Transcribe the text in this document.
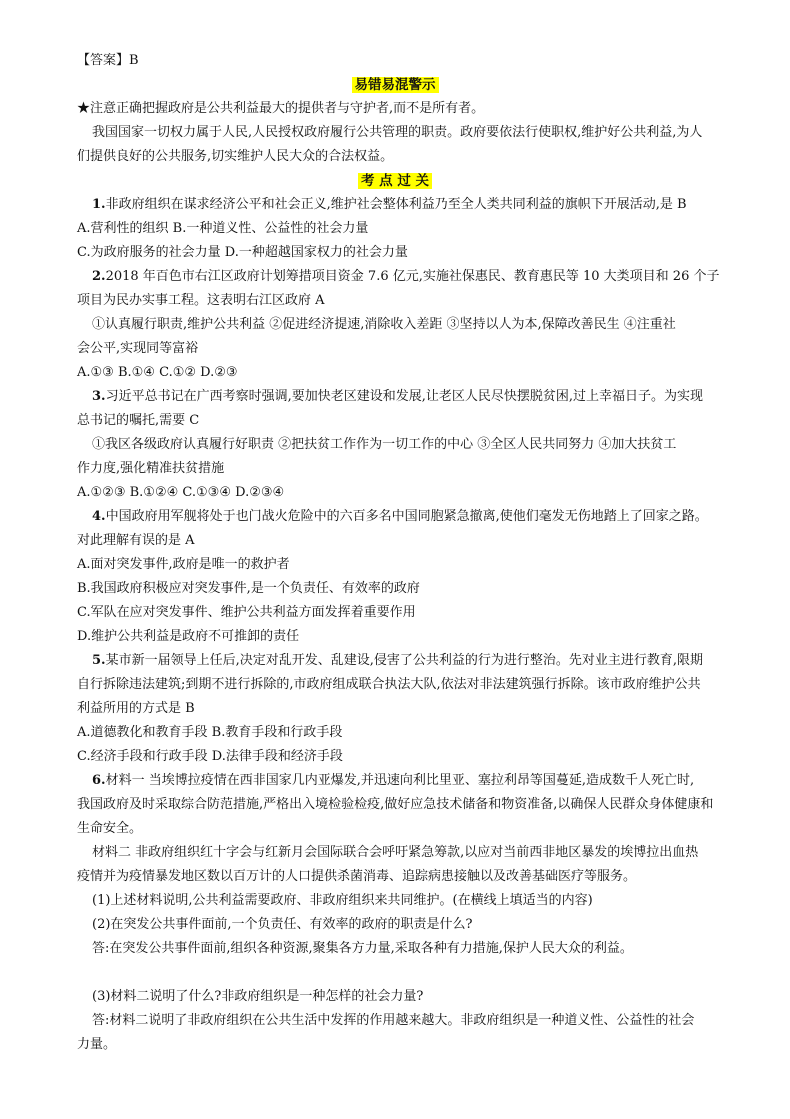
【答案】B
易错易混警示
★注意正确把握政府是公共利益最大的提供者与守护者,而不是所有者。
我国国家一切权力属于人民,人民授权政府履行公共管理的职责。政府要依法行使职权,维护好公共利益,为人
们提供良好的公共服务,切实维护人民大众的合法权益。
考 点 过 关
1.非政府组织在谋求经济公平和社会正义,维护社会整体利益乃至全人类共同利益的旗帜下开展活动,是 B
A.营利性的组织 B.一种道义性、公益性的社会力量
C.为政府服务的社会力量 D.一种超越国家权力的社会力量
2.2018 年百色市右江区政府计划筹措项目资金 7.6 亿元,实施社保惠民、教育惠民等 10 大类项目和 26 个子
项目为民办实事工程。这表明右江区政府 A
①认真履行职责,维护公共利益 ②促进经济提速,消除收入差距 ③坚持以人为本,保障改善民生 ④注重社
会公平,实现同等富裕
A.①③ B.①④ C.①② D.②③
3.习近平总书记在广西考察时强调,要加快老区建设和发展,让老区人民尽快摆脱贫困,过上幸福日子。为实现
总书记的嘱托,需要 C
①我区各级政府认真履行好职责 ②把扶贫工作作为一切工作的中心 ③全区人民共同努力 ④加大扶贫工
作力度,强化精准扶贫措施
A.①②③ B.①②④ C.①③④ D.②③④
4.中国政府用军舰将处于也门战火危险中的六百多名中国同胞紧急撤离,使他们毫发无伤地踏上了回家之路。
对此理解有误的是 A
A.面对突发事件,政府是唯一的救护者
B.我国政府积极应对突发事件,是一个负责任、有效率的政府
C.军队在应对突发事件、维护公共利益方面发挥着重要作用
D.维护公共利益是政府不可推卸的责任
5.某市新一届领导上任后,决定对乱开发、乱建设,侵害了公共利益的行为进行整治。先对业主进行教育,限期
自行拆除违法建筑;到期不进行拆除的,市政府组成联合执法大队,依法对非法建筑强行拆除。该市政府维护公共
利益所用的方式是 B
A.道德教化和教育手段 B.教育手段和行政手段
C.经济手段和行政手段 D.法律手段和经济手段
6.材料一 当埃博拉疫情在西非国家几内亚爆发,并迅速向利比里亚、塞拉利昂等国蔓延,造成数千人死亡时,
我国政府及时采取综合防范措施,严格出入境检验检疫,做好应急技术储备和物资准备,以确保人民群众身体健康和
生命安全。
材料二 非政府组织红十字会与红新月会国际联合会呼吁紧急筹款,以应对当前西非地区暴发的埃博拉出血热
疫情并为疫情暴发地区数以百万计的人口提供杀菌消毒、追踪病患接触以及改善基础医疗等服务。
(1)上述材料说明,公共利益需要政府、非政府组织来共同维护。(在横线上填适当的内容)
(2)在突发公共事件面前,一个负责任、有效率的政府的职责是什么?
答:在突发公共事件面前,组织各种资源,聚集各方力量,采取各种有力措施,保护人民大众的利益。
(3)材料二说明了什么?非政府组织是一种怎样的社会力量?
答:材料二说明了非政府组织在公共生活中发挥的作用越来越大。非政府组织是一种道义性、公益性的社会
力量。
